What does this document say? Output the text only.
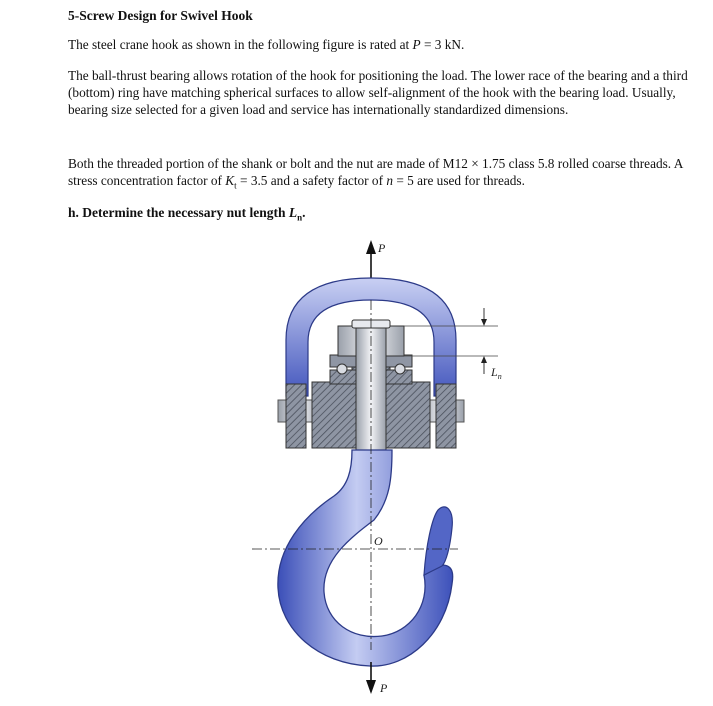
5-Screw Design for Swivel Hook
The steel crane hook as shown in the following figure is rated at P = 3 kN.
The ball-thrust bearing allows rotation of the hook for positioning the load. The lower race of the bearing and a third (bottom) ring have matching spherical surfaces to allow self-alignment of the hook with the bearing load. Usually, bearing size selected for a given load and service has internationally standardized dimensions.
Both the threaded portion of the shank or bolt and the nut are made of M12 × 1.75 class 5.8 rolled coarse threads. A stress concentration factor of $K_t = 3.5$ and a safety factor of n = 5 are used for threads.
h. Determine the necessary nut length $L_n$.
P
O
$L_n$
P
